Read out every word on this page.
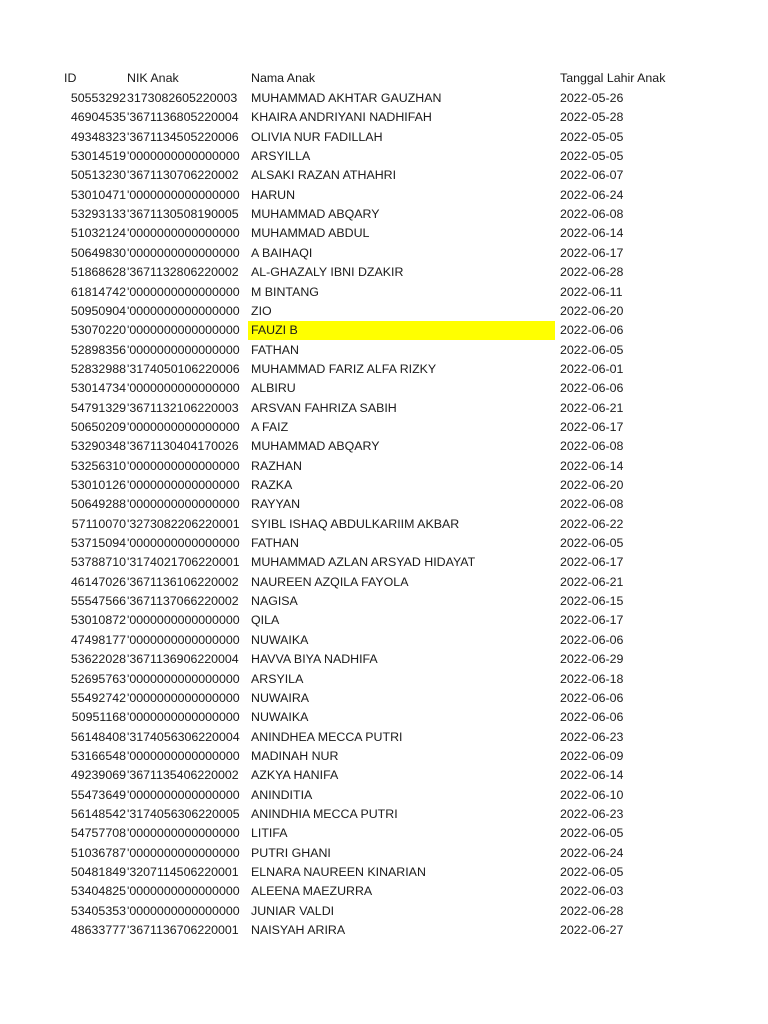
ID	NIK Anak	Nama Anak	Tanggal Lahir Anak
50553292 3173082605220003	MUHAMMAD AKHTAR GAUZHAN	2022-05-26
46904535 '3671136805220004 KHAIRA ANDRIYANI NADHIFAH	2022-05-28
49348323 '3671134505220006 OLIVIA NUR FADILLAH	2022-05-05
53014519 '0000000000000000 ARSYILLA	2022-05-05
50513230 '3671130706220002 ALSAKI RAZAN ATHAHRI	2022-06-07
53010471 '0000000000000000 HARUN	2022-06-24
53293133 '3671130508190005 MUHAMMAD ABQARY	2022-06-08
51032124 '0000000000000000 MUHAMMAD ABDUL	2022-06-14
50649830 '0000000000000000 A BAIHAQI	2022-06-17
51868628 '3671132806220002 AL-GHAZALY IBNI DZAKIR	2022-06-28
61814742 '0000000000000000 M BINTANG	2022-06-11
50950904 '0000000000000000 ZIO	2022-06-20
53070220 '0000000000000000 FAUZI B	2022-06-06
52898356 '0000000000000000 FATHAN	2022-06-05
52832988 '3174050106220006 MUHAMMAD FARIZ ALFA RIZKY	2022-06-01
53014734 '0000000000000000 ALBIRU	2022-06-06
54791329 '3671132106220003 ARSVAN FAHRIZA SABIH	2022-06-21
50650209 '0000000000000000 A FAIZ	2022-06-17
53290348 '3671130404170026 MUHAMMAD ABQARY	2022-06-08
53256310 '0000000000000000 RAZHAN	2022-06-14
53010126 '0000000000000000 RAZKA	2022-06-20
50649288 '0000000000000000 RAYYAN	2022-06-08
57110070 '3273082206220001 SYIBL ISHAQ ABDULKARIIM AKBAR	2022-06-22
53715094 '0000000000000000 FATHAN	2022-06-05
53788710 '3174021706220001 MUHAMMAD AZLAN ARSYAD HIDAYAT	2022-06-17
46147026 '3671136106220002 NAUREEN AZQILA FAYOLA	2022-06-21
55547566 '3671137066220002 NAGISA	2022-06-15
53010872 '0000000000000000 QILA	2022-06-17
47498177 '0000000000000000 NUWAIKA	2022-06-06
53622028 '3671136906220004 HAVVA BIYA NADHIFA	2022-06-29
52695763 '0000000000000000 ARSYILA	2022-06-18
55492742 '0000000000000000 NUWAIRA	2022-06-06
50951168 '0000000000000000 NUWAIKA	2022-06-06
56148408 '3174056306220004 ANINDHEA MECCA PUTRI	2022-06-23
53166548 '0000000000000000 MADINAH NUR	2022-06-09
49239069 '3671135406220002 AZKYA HANIFA	2022-06-14
55473649 '0000000000000000 ANINDITIA	2022-06-10
56148542 '3174056306220005 ANINDHIA MECCA PUTRI	2022-06-23
54757708 '0000000000000000 LITIFA	2022-06-05
51036787 '0000000000000000 PUTRI GHANI	2022-06-24
50481849 '3207114506220001 ELNARA NAUREEN KINARIAN	2022-06-05
53404825 '0000000000000000 ALEENA MAEZURRA	2022-06-03
53405353 '0000000000000000 JUNIAR VALDI	2022-06-28
48633777 '3671136706220001 NAISYAH ARIRA	2022-06-27
